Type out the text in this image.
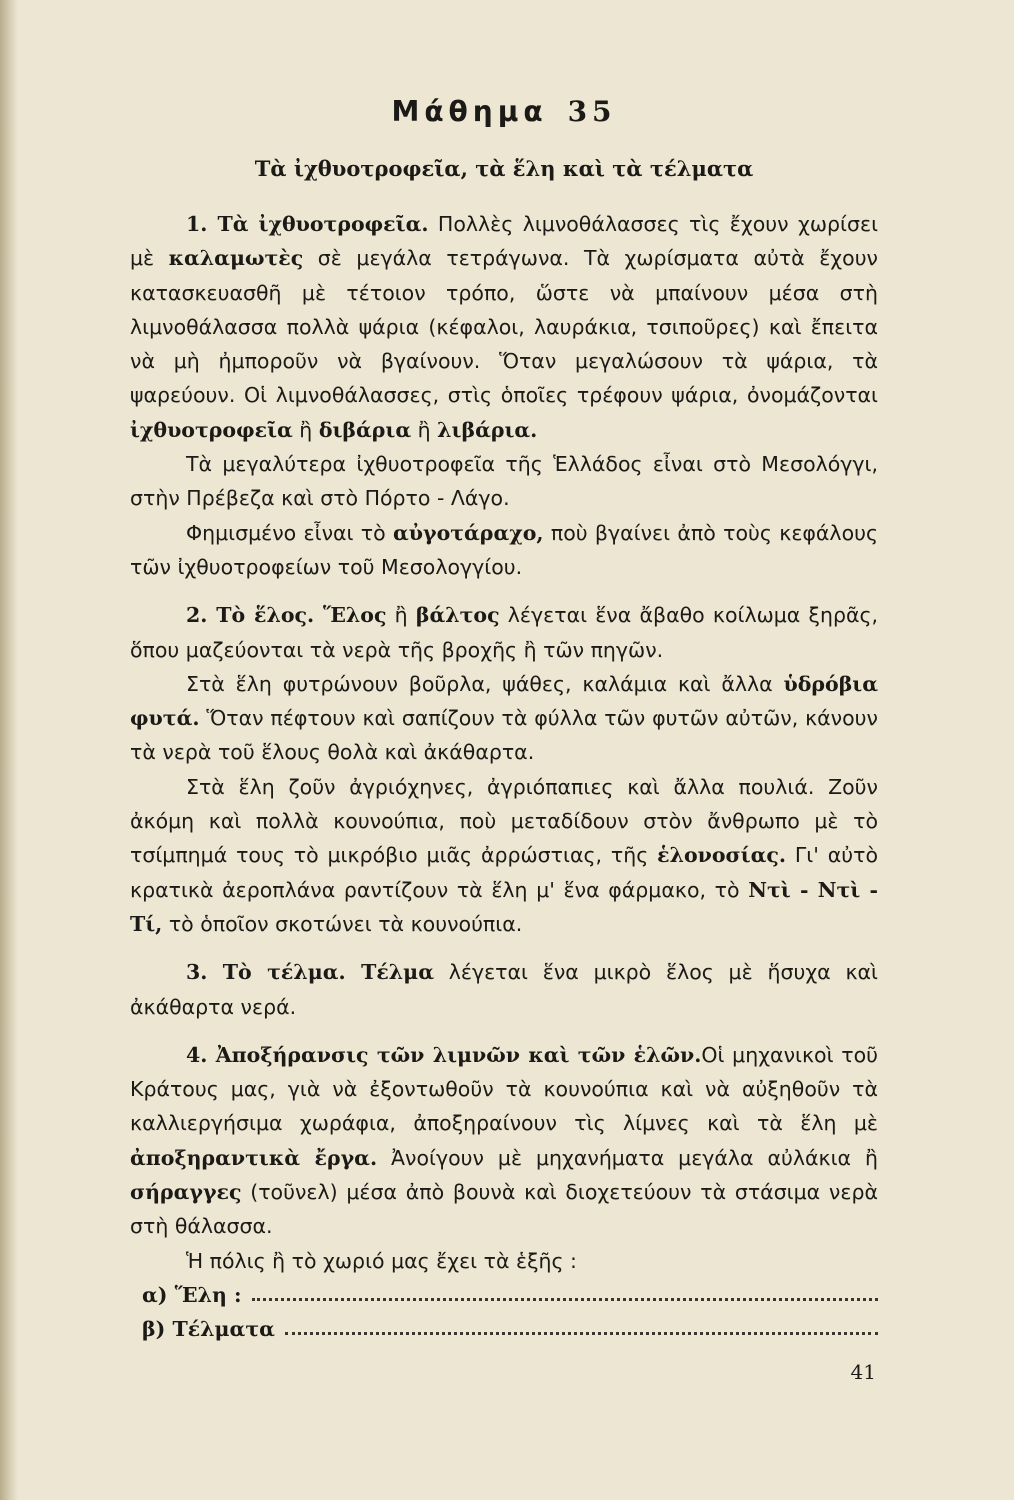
Μάθημα 35
Τὰ ἰχθυοτροφεῖα, τὰ ἕλη καὶ τὰ τέλματα

1. Τὰ ἰχθυοτροφεῖα. Πολλὲς λιμνοθάλασσες τὶς ἔχουν χωρίσει μὲ καλαμωτὲς σὲ μεγάλα τετράγωνα. Τὰ χωρίσματα αὐτὰ ἔχουν κατασκευασθῆ μὲ τέτοιον τρόπο, ὥστε νὰ μπαίνουν μέσα στὴ λιμνοθάλασσα πολλὰ ψάρια (κέφαλοι, λαυράκια, τσιποῦρες) καὶ ἔπειτα νὰ μὴ ἠμποροῦν νὰ βγαίνουν. Ὅταν μεγαλώσουν τὰ ψάρια, τὰ ψαρεύουν. Οἱ λιμνοθάλασσες, στὶς ὁποῖες τρέφουν ψάρια, ὀνομάζονται ἰχθυοτροφεῖα ἢ διβάρια ἢ λιβάρια.

Τὰ μεγαλύτερα ἰχθυοτροφεῖα τῆς Ἑλλάδος εἶναι στὸ Μεσολόγγι, στὴν Πρέβεζα καὶ στὸ Πόρτο - Λάγο.

Φημισμένο εἶναι τὸ αὐγοτάραχο, ποὺ βγαίνει ἀπὸ τοὺς κεφάλους τῶν ἰχθυοτροφείων τοῦ Μεσολογγίου.

2. Τὸ ἕλος. Ἕλος ἢ βάλτος λέγεται ἕνα ἄβαθο κοίλωμα ξηρᾶς, ὅπου μαζεύονται τὰ νερὰ τῆς βροχῆς ἢ τῶν πηγῶν.

Στὰ ἕλη φυτρώνουν βοῦρλα, ψάθες, καλάμια καὶ ἄλλα ὑδρόβια φυτά. Ὅταν πέφτουν καὶ σαπίζουν τὰ φύλλα τῶν φυτῶν αὐτῶν, κάνουν τὰ νερὰ τοῦ ἕλους θολὰ καὶ ἀκάθαρτα.

Στὰ ἕλη ζοῦν ἀγριόχηνες, ἀγριόπαπιες καὶ ἄλλα πουλιά. Ζοῦν ἀκόμη καὶ πολλὰ κουνούπια, ποὺ μεταδίδουν στὸν ἄνθρωπο μὲ τὸ τσίμπημά τους τὸ μικρόβιο μιᾶς ἀρρώστιας, τῆς ἑλονοσίας. Γι' αὐτὸ κρατικὰ ἀεροπλάνα ραντίζουν τὰ ἕλη μ' ἕνα φάρμακο, τὸ Ντὶ - Ντὶ - Τί, τὸ ὁποῖον σκοτώνει τὰ κουνούπια.

3. Τὸ τέλμα. Τέλμα λέγεται ἕνα μικρὸ ἕλος μὲ ἥσυχα καὶ ἀκάθαρτα νερά.

4. Ἀποξήρανσις τῶν λιμνῶν καὶ τῶν ἑλῶν.Οἱ μηχανικοὶ τοῦ Κράτους μας, γιὰ νὰ ἐξοντωθοῦν τὰ κουνούπια καὶ νὰ αὐξηθοῦν τὰ καλλιεργήσιμα χωράφια, ἀποξηραίνουν τὶς λίμνες καὶ τὰ ἕλη μὲ ἀποξηραντικὰ ἔργα. Ἀνοίγουν μὲ μηχανήματα μεγάλα αὐλάκια ἢ σήραγγες (τοῦνελ) μέσα ἀπὸ βουνὰ καὶ διοχετεύουν τὰ στάσιμα νερὰ στὴ θάλασσα.

Ἡ πόλις ἢ τὸ χωριό μας ἔχει τὰ ἑξῆς :

α) Ἕλη :
β) Τέλματα
41
